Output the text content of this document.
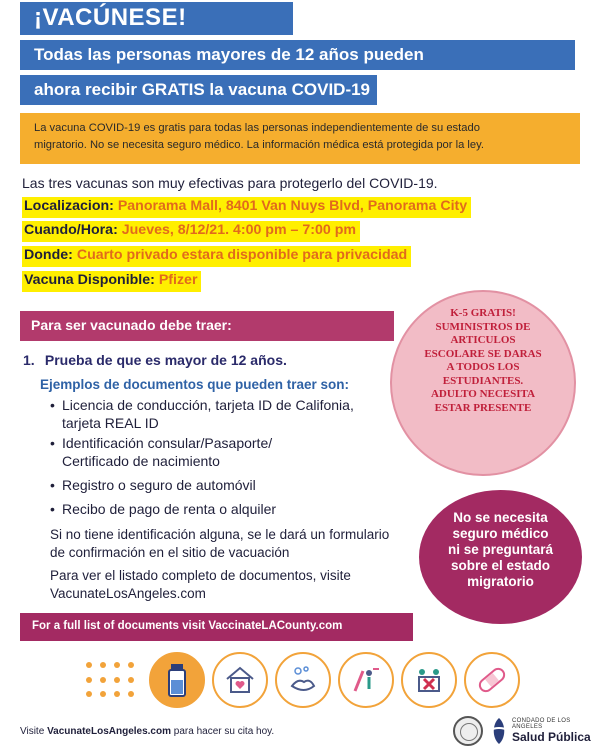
¡VACÚNESE!
Todas las personas mayores de 12 años pueden
ahora recibir GRATIS la vacuna COVID-19
La vacuna COVID-19 es gratis para todas las personas independientemente de su estado
migratorio. No se necesita seguro médico. La información médica está protegida por la ley.
Las tres vacunas son muy efectivas para protegerlo del COVID-19.
Localizacion: Panorama Mall, 8401 Van Nuys Blvd, Panorama City
Cuando/Hora: Jueves, 8/12/21. 4:00 pm – 7:00 pm
Donde: Cuarto privado estara disponible para privacidad
Vacuna Disponible: Pfizer
Para ser vacunado debe traer:
K-5 GRATIS!
SUMINISTROS DE
ARTICULOS
ESCOLARE SE DARAS
A TODOS LOS
ESTUDIANTES.
ADULTO NECESITA
ESTAR PRESENTE
1. Prueba de que es mayor de 12 años.
Ejemplos de documentos que pueden traer son:
• Licencia de conducción, tarjeta ID de Califonia,
tarjeta REAL ID
• Identificación consular/Pasaporte/
Certificado de nacimiento
• Registro o seguro de automóvil
• Recibo de pago de renta o alquiler
Si no tiene identificación alguna, se le dará un formulario
de confirmación en el sitio de vacuación
Para ver el listado completo de documentos, visite
VacunateLosAngeles.com
No se necesita
seguro médico
ni se preguntará
sobre el estado
migratorio
For a full list of documents visit VaccinateLACounty.com
Visite VacunateLosAngeles.com para hacer su cita hoy.
CONDADO DE LOS ANGELES
Salud Pública
